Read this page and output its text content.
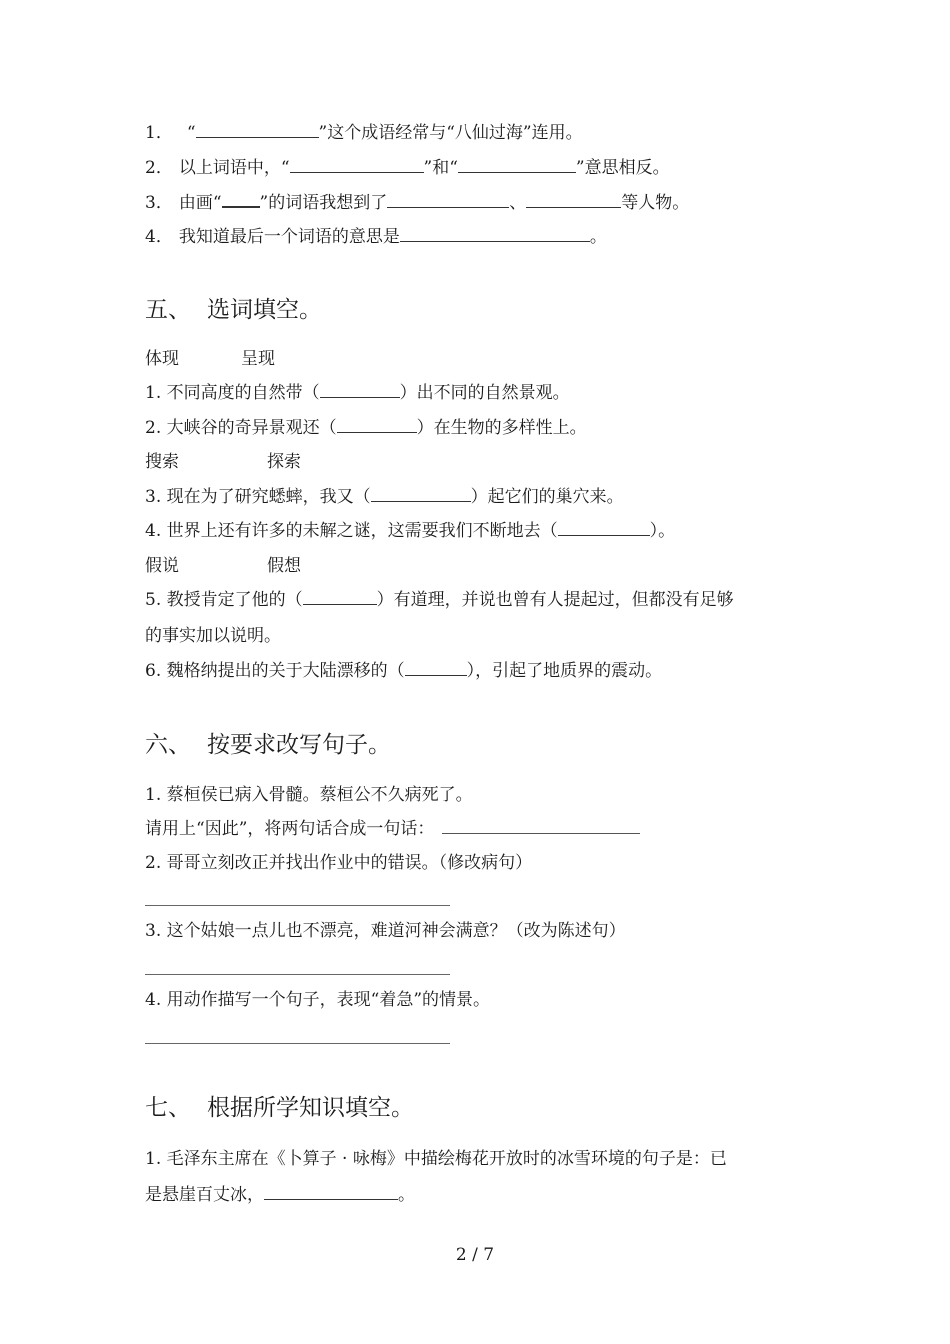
1． “	”这个成语经常与“八仙过海”连用。
2． 以上词语中，“	”和“	”意思相反。
3． 由画“ ”的词语我想到了	、	等人物。
4． 我知道最后一个词语的意思是	。
五、 选词填空。
体现	呈现
1. 不同高度的自然带（	）出不同的自然景观。
2. 大峡谷的奇异景观还（	）在生物的多样性上。
搜索	探索
3. 现在为了研究蟋蟀，我又（	）起它们的巢穴来。
4. 世界上还有许多的未解之谜，这需要我们不断地去（	）。
假说	假想
5. 教授肯定了他的（	）有道理，并说也曾有人提起过，但都没有足够
的事实加以说明。
6. 魏格纳提出的关于大陆漂移的（	），引起了地质界的震动。
六、 按要求改写句子。
1. 蔡桓侯已病入骨髓。蔡桓公不久病死了。
请用上“因此”，将两句话合成一句话：
2. 哥哥立刻改正并找出作业中的错误。（修改病句）
3. 这个姑娘一点儿也不漂亮，难道河神会满意？（改为陈述句）
4. 用动作描写一个句子，表现“着急”的情景。
七、 根据所学知识填空。
1. 毛泽东主席在《卜算子 · 咏梅》中描绘梅花开放时的冰雪环境的句子是：已
是悬崖百丈冰，	。
2 / 7
